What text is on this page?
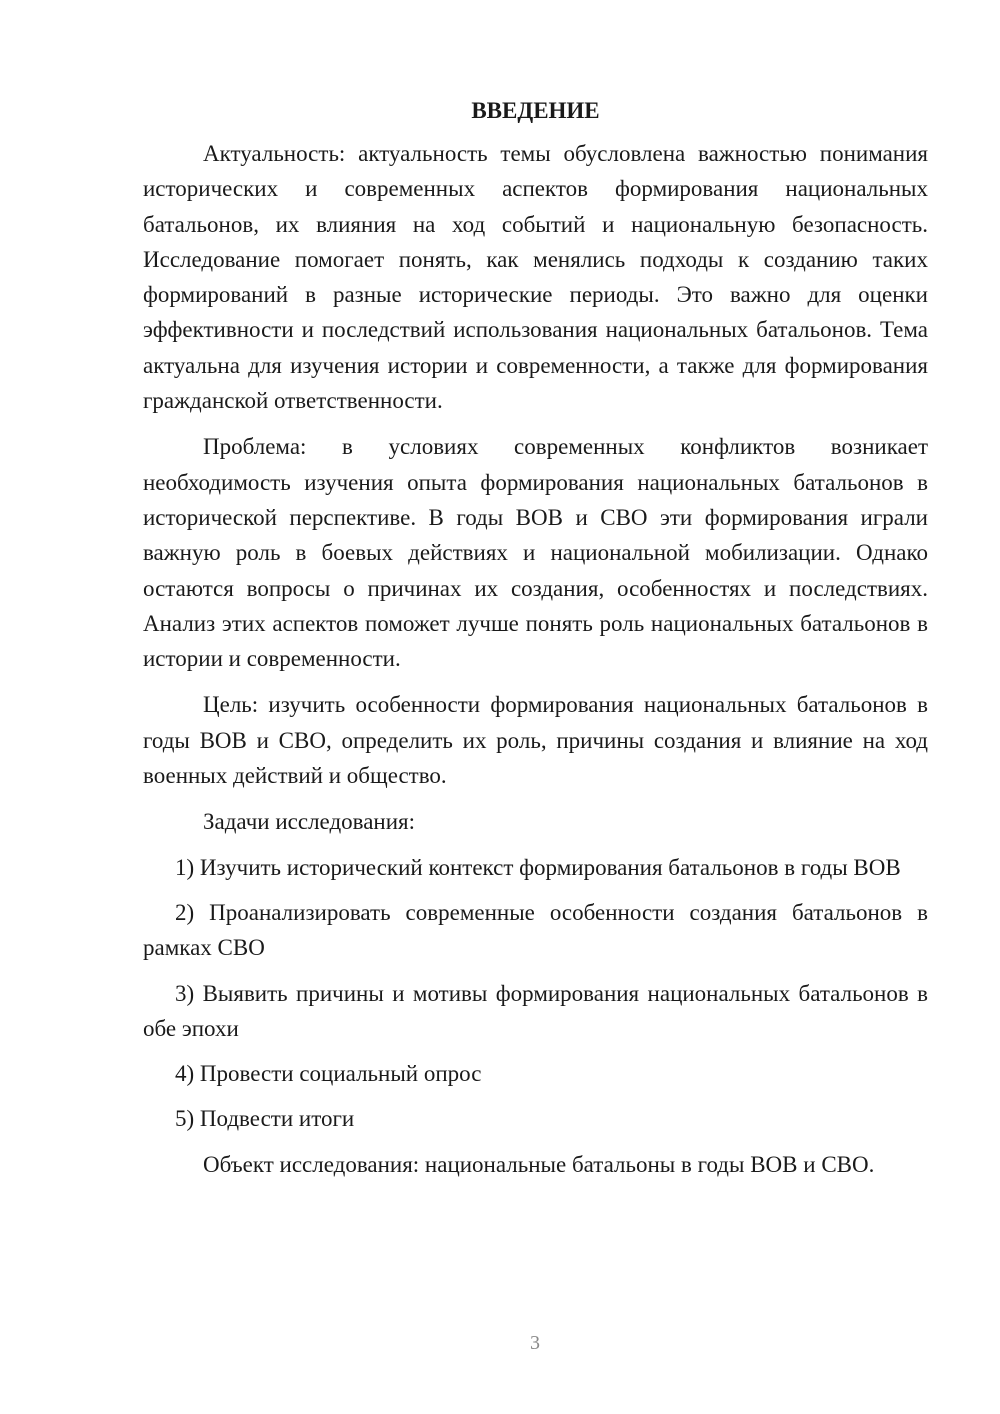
ВВЕДЕНИЕ

Актуальность: актуальность темы обусловлена важностью понимания исторических и современных аспектов формирования национальных батальонов, их влияния на ход событий и национальную безопасность. Исследование помогает понять, как менялись подходы к созданию таких формирований в разные исторические периоды. Это важно для оценки эффективности и последствий использования национальных батальонов. Тема актуальна для изучения истории и современности, а также для формирования гражданской ответственности.

Проблема: в условиях современных конфликтов возникает необходимость изучения опыта формирования национальных батальонов в исторической перспективе. В годы ВОВ и СВО эти формирования играли важную роль в боевых действиях и национальной мобилизации. Однако остаются вопросы о причинах их создания, особенностях и последствиях. Анализ этих аспектов поможет лучше понять роль национальных батальонов в истории и современности.

Цель: изучить особенности формирования национальных батальонов в годы ВОВ и СВО, определить их роль, причины создания и влияние на ход военных действий и общество.

Задачи исследования:

1) Изучить исторический контекст формирования батальонов в годы ВОВ

2) Проанализировать современные особенности создания батальонов в рамках СВО

3) Выявить причины и мотивы формирования национальных батальонов в обе эпохи

4) Провести социальный опрос

5) Подвести итоги

Объект исследования: национальные батальоны в годы ВОВ и СВО.

3
